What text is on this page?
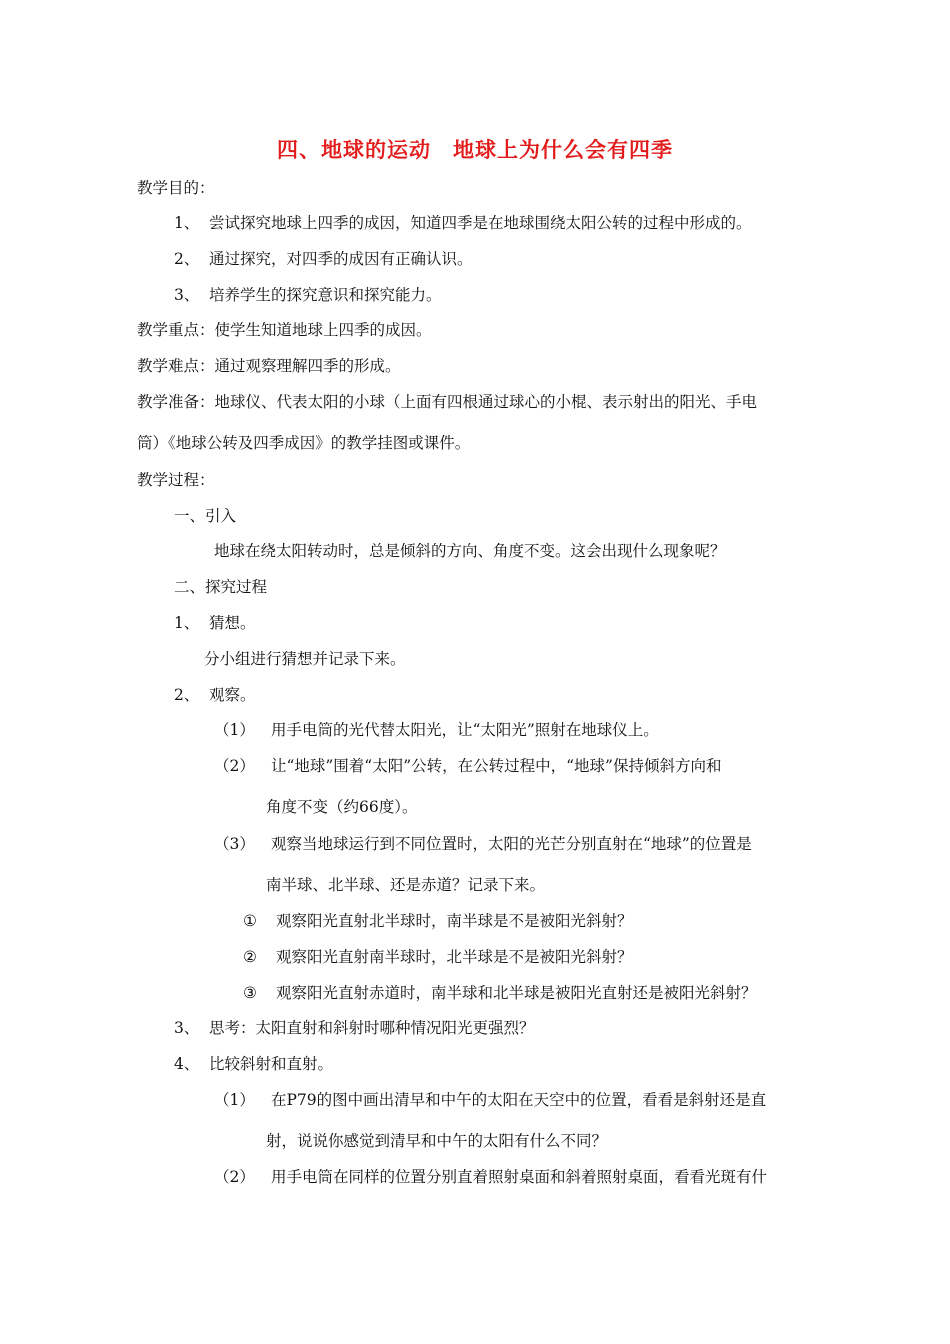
四、地球的运动　地球上为什么会有四季
教学目的：
1、 尝试探究地球上四季的成因，知道四季是在地球围绕太阳公转的过程中形成的。
2、 通过探究，对四季的成因有正确认识。
3、 培养学生的探究意识和探究能力。
教学重点：使学生知道地球上四季的成因。
教学难点：通过观察理解四季的形成。
教学准备：地球仪、代表太阳的小球（上面有四根通过球心的小棍、表示射出的阳光、手电
筒）《地球公转及四季成因》的教学挂图或课件。
教学过程：
一、引入
地球在绕太阳转动时，总是倾斜的方向、角度不变。这会出现什么现象呢？
二、探究过程
1、 猜想。
分小组进行猜想并记录下来。
2、 观察。
（1） 用手电筒的光代替太阳光，让“太阳光”照射在地球仪上。
（2） 让“地球”围着“太阳”公转，在公转过程中，“地球”保持倾斜方向和
角度不变（约66度）。
（3） 观察当地球运行到不同位置时，太阳的光芒分别直射在“地球”的位置是
南半球、北半球、还是赤道？记录下来。
① 观察阳光直射北半球时，南半球是不是被阳光斜射？
② 观察阳光直射南半球时，北半球是不是被阳光斜射？
③ 观察阳光直射赤道时，南半球和北半球是被阳光直射还是被阳光斜射？
3、 思考：太阳直射和斜射时哪种情况阳光更强烈？
4、 比较斜射和直射。
（1） 在P79的图中画出清早和中午的太阳在天空中的位置，看看是斜射还是直
射，说说你感觉到清早和中午的太阳有什么不同？
（2） 用手电筒在同样的位置分别直着照射桌面和斜着照射桌面，看看光斑有什
